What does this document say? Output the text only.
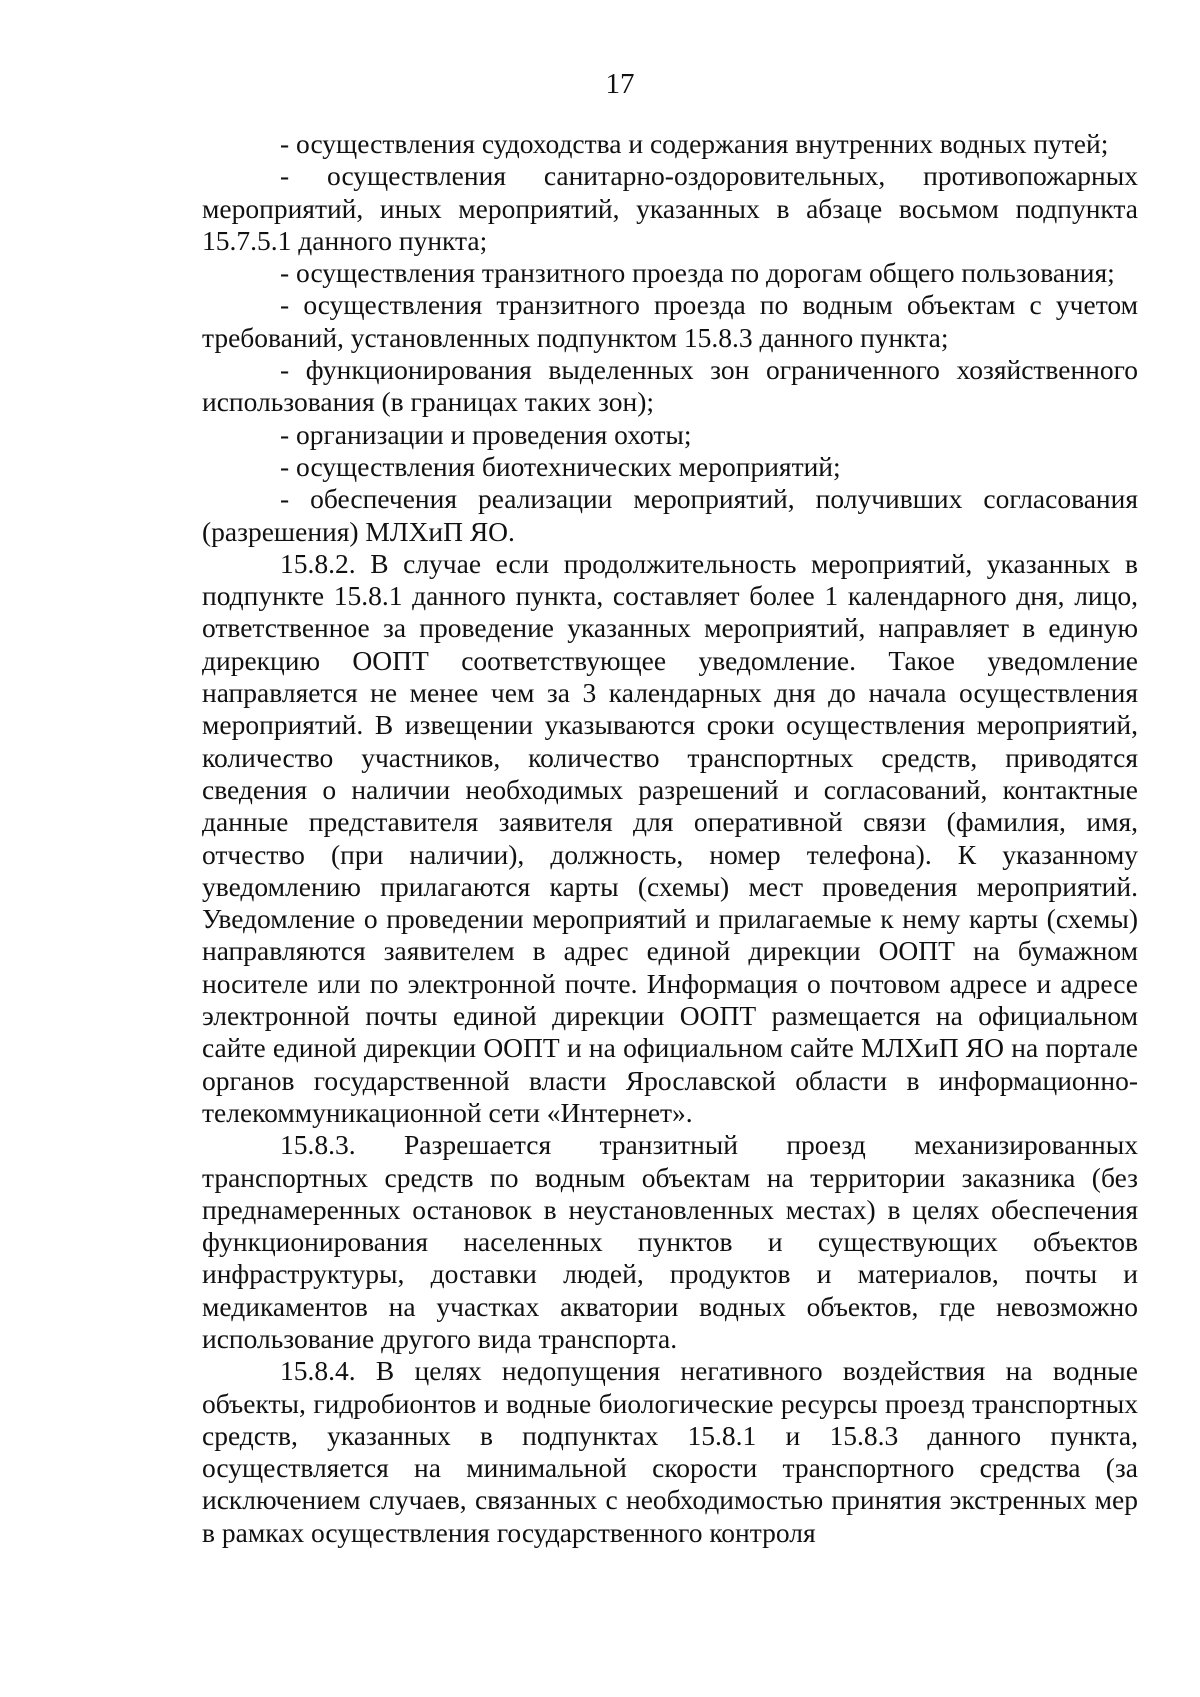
17

- осуществления судоходства и содержания внутренних водных путей;

- осуществления санитарно-оздоровительных, противопожарных мероприятий, иных мероприятий, указанных в абзаце восьмом подпункта 15.7.5.1 данного пункта;

- осуществления транзитного проезда по дорогам общего пользования;

- осуществления транзитного проезда по водным объектам с учетом требований, установленных подпунктом 15.8.3 данного пункта;

- функционирования выделенных зон ограниченного хозяйственного использования (в границах таких зон);

- организации и проведения охоты;

- осуществления биотехнических мероприятий;

- обеспечения реализации мероприятий, получивших согласования (разрешения) МЛХиП ЯО.

15.8.2. В случае если продолжительность мероприятий, указанных в подпункте 15.8.1 данного пункта, составляет более 1 календарного дня, лицо, ответственное за проведение указанных мероприятий, направляет в единую дирекцию ООПТ соответствующее уведомление. Такое уведомление направляется не менее чем за 3 календарных дня до начала осуществления мероприятий. В извещении указываются сроки осуществления мероприятий, количество участников, количество транспортных средств, приводятся сведения о наличии необходимых разрешений и согласований, контактные данные представителя заявителя для оперативной связи (фамилия, имя, отчество (при наличии), должность, номер телефона). К указанному уведомлению прилагаются карты (схемы) мест проведения мероприятий. Уведомление о проведении мероприятий и прилагаемые к нему карты (схемы) направляются заявителем в адрес единой дирекции ООПТ на бумажном носителе или по электронной почте. Информация о почтовом адресе и адресе электронной почты единой дирекции ООПТ размещается на официальном сайте единой дирекции ООПТ и на официальном сайте МЛХиП ЯО на портале органов государственной власти Ярославской области в информационно-телекоммуникационной сети «Интернет».

15.8.3. Разрешается транзитный проезд механизированных транспортных средств по водным объектам на территории заказника (без преднамеренных остановок в неустановленных местах) в целях обеспечения функционирования населенных пунктов и существующих объектов инфраструктуры, доставки людей, продуктов и материалов, почты и медикаментов на участках акватории водных объектов, где невозможно использование другого вида транспорта.

15.8.4. В целях недопущения негативного воздействия на водные объекты, гидробионтов и водные биологические ресурсы проезд транспортных средств, указанных в подпунктах 15.8.1 и 15.8.3 данного пункта, осуществляется на минимальной скорости транспортного средства (за исключением случаев, связанных с необходимостью принятия экстренных мер в рамках осуществления государственного контроля
